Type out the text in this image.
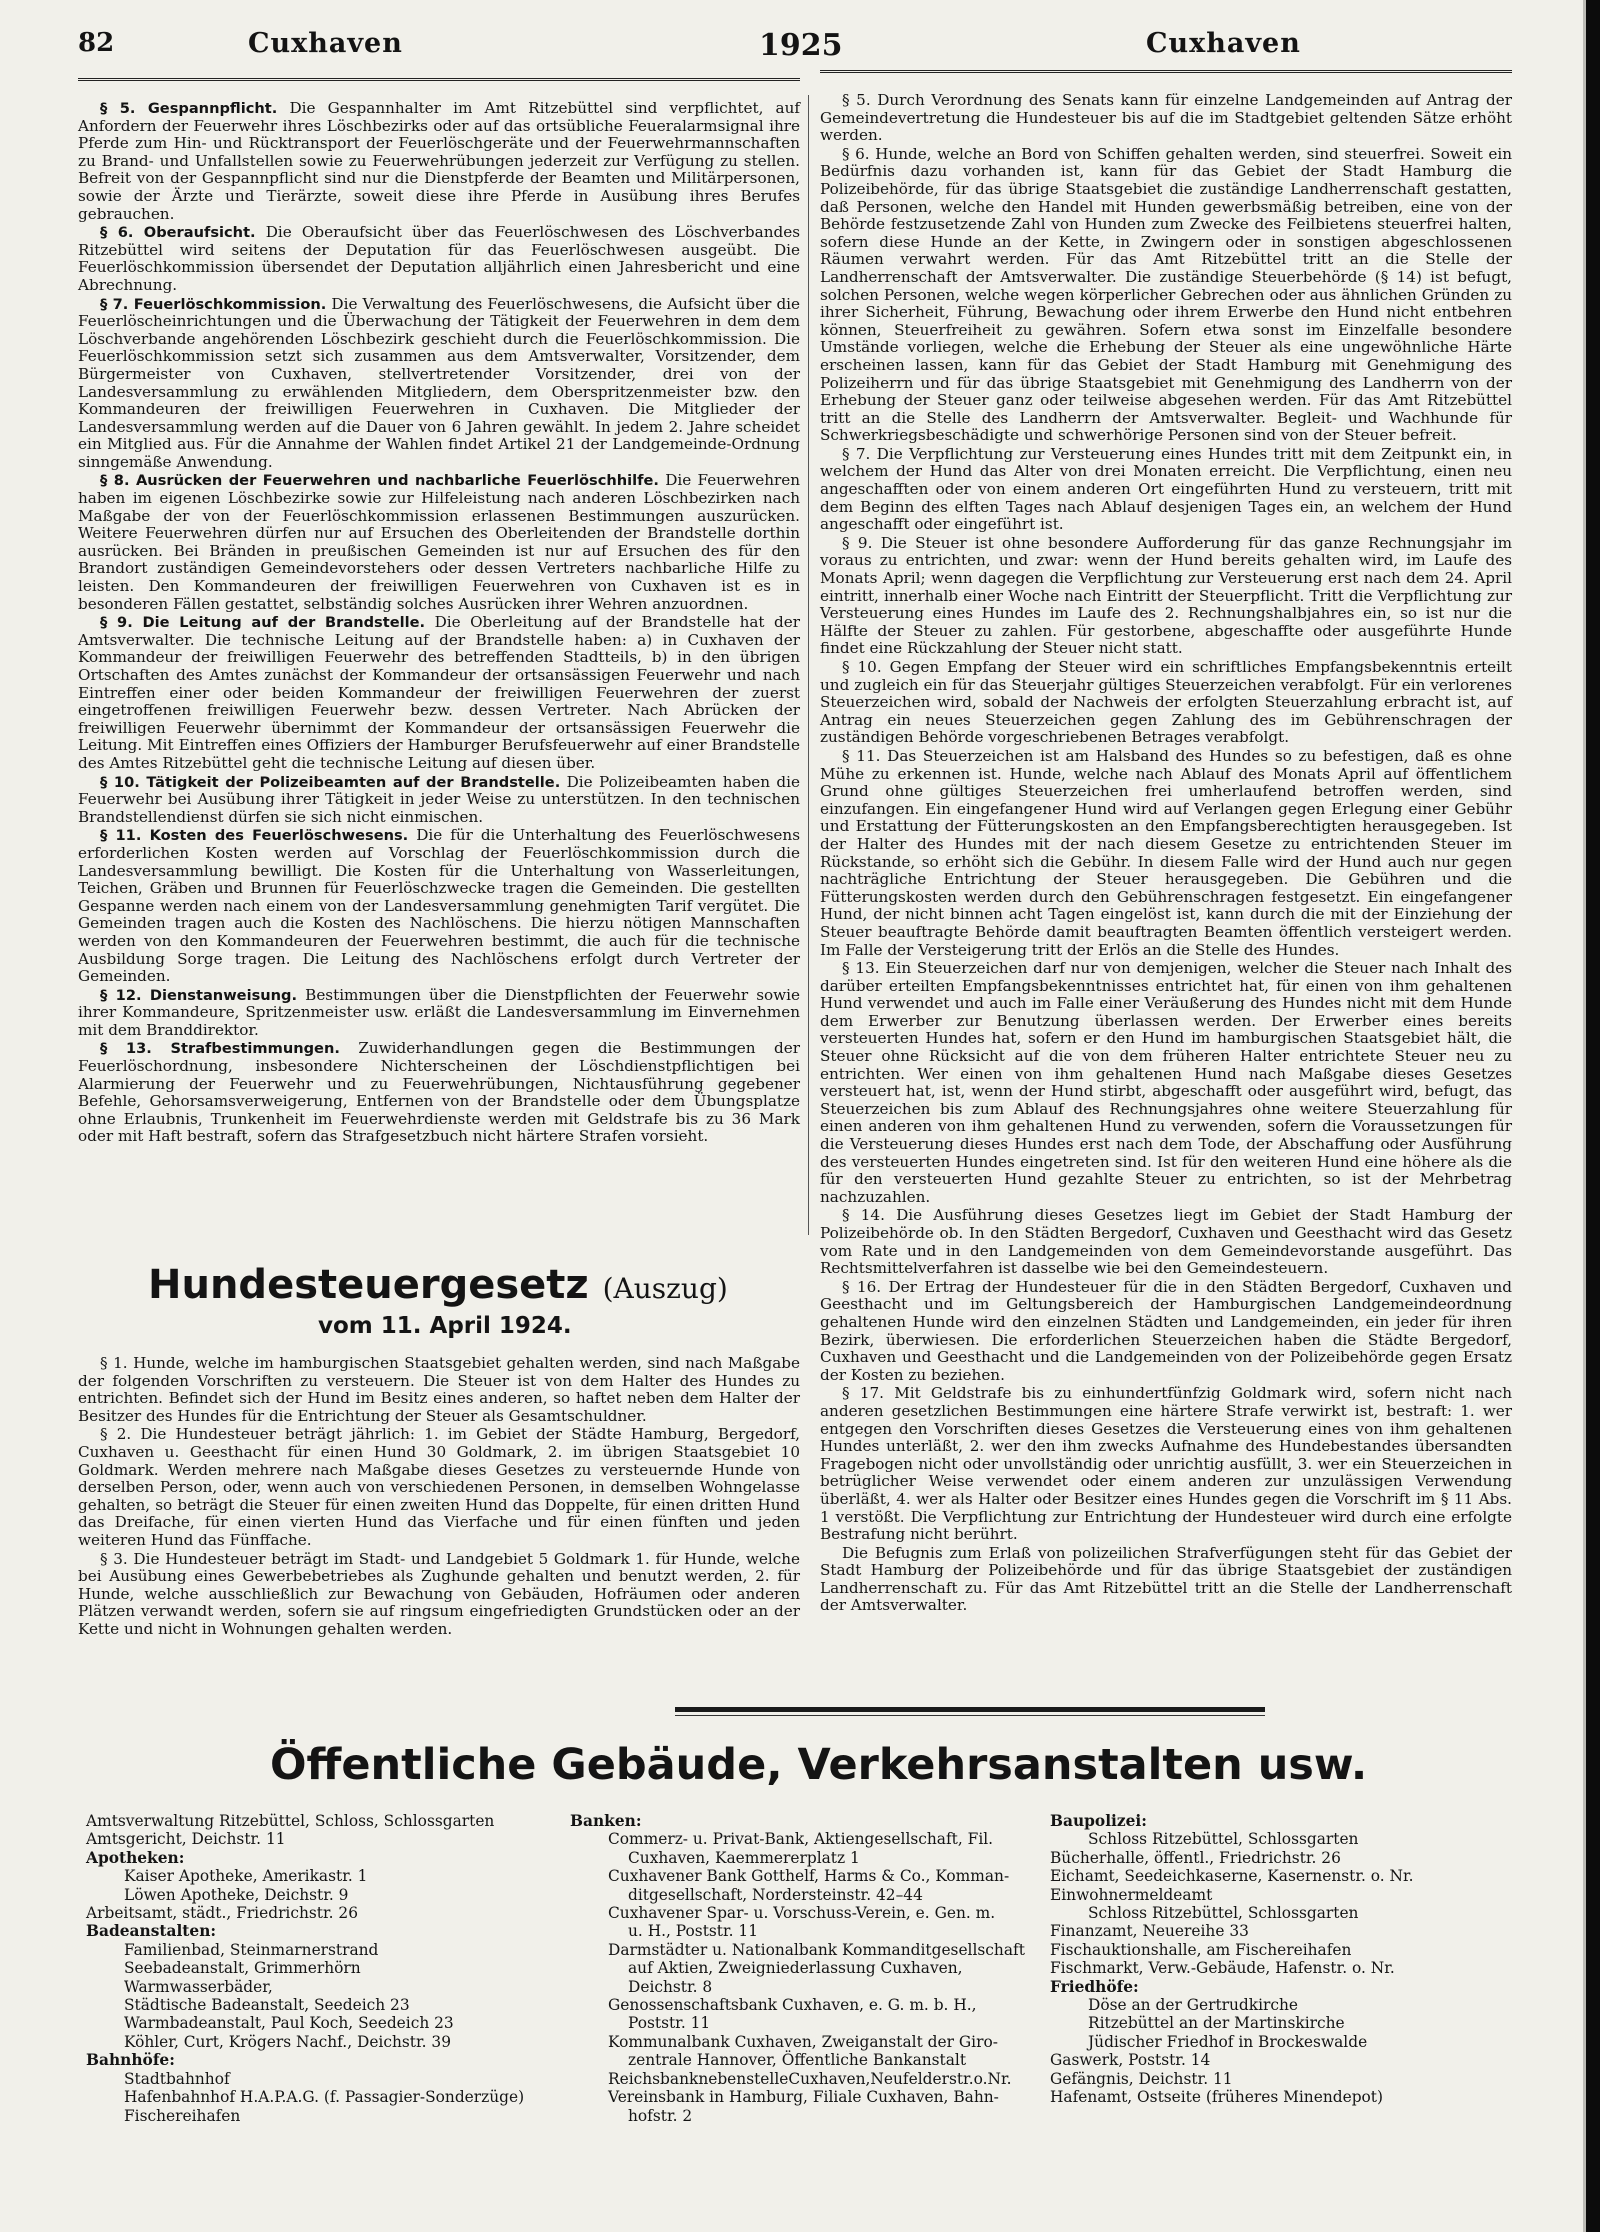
82	Cuxhaven	1925	Cuxhaven

§ 5. Gespannpflicht. Die Gespannhalter im Amt Ritzebüttel sind verpflichtet, auf Anfordern der Feuerwehr ihres Löschbezirks oder auf das ortsübliche Feueralarmsignal ihre Pferde zum Hin- und Rücktransport der Feuerlöschgeräte und der Feuerwehrmannschaften zu Brand- und Unfallstellen sowie zu Feuerwehrübungen jederzeit zur Verfügung zu stellen. Befreit von der Gespannpflicht sind nur die Dienstpferde der Beamten und Militärpersonen, sowie der Ärzte und Tierärzte, soweit diese ihre Pferde in Ausübung ihres Berufes gebrauchen.

§ 6. Oberaufsicht. Die Oberaufsicht über das Feuerlöschwesen des Löschverbandes Ritzebüttel wird seitens der Deputation für das Feuerlöschwesen ausgeübt. Die Feuerlöschkommission übersendet der Deputation alljährlich einen Jahresbericht und eine Abrechnung.

§ 7. Feuerlöschkommission. Die Verwaltung des Feuerlöschwesens, die Aufsicht über die Feuerlöscheinrichtungen und die Überwachung der Tätigkeit der Feuerwehren in dem dem Löschverbande angehörenden Löschbezirk geschieht durch die Feuerlöschkommission. Die Feuerlöschkommission setzt sich zusammen aus dem Amtsverwalter, Vorsitzender, dem Bürgermeister von Cuxhaven, stellvertretender Vorsitzender, drei von der Landesversammlung zu erwählenden Mitgliedern, dem Oberspritzenmeister bzw. den Kommandeuren der freiwilligen Feuerwehren in Cuxhaven. Die Mitglieder der Landesversammlung werden auf die Dauer von 6 Jahren gewählt. In jedem 2. Jahre scheidet ein Mitglied aus. Für die Annahme der Wahlen findet Artikel 21 der Landgemeinde-Ordnung sinngemäße Anwendung.

§ 8. Ausrücken der Feuerwehren und nachbarliche Feuerlöschhilfe. Die Feuerwehren haben im eigenen Löschbezirke sowie zur Hilfeleistung nach anderen Löschbezirken nach Maßgabe der von der Feuerlöschkommission erlassenen Bestimmungen auszurücken. Weitere Feuerwehren dürfen nur auf Ersuchen des Oberleitenden der Brandstelle dorthin ausrücken. Bei Bränden in preußischen Gemeinden ist nur auf Ersuchen des für den Brandort zuständigen Gemeindevorstehers oder dessen Vertreters nachbarliche Hilfe zu leisten. Den Kommandeuren der freiwilligen Feuerwehren von Cuxhaven ist es in besonderen Fällen gestattet, selbständig solches Ausrücken ihrer Wehren anzuordnen.

§ 9. Die Leitung auf der Brandstelle. Die Oberleitung auf der Brandstelle hat der Amtsverwalter. Die technische Leitung auf der Brandstelle haben: a) in Cuxhaven der Kommandeur der freiwilligen Feuerwehr des betreffenden Stadtteils, b) in den übrigen Ortschaften des Amtes zunächst der Kommandeur der ortsansässigen Feuerwehr und nach Eintreffen einer oder beiden Kommandeur der freiwilligen Feuerwehren der zuerst eingetroffenen freiwilligen Feuerwehr bezw. dessen Vertreter. Nach Abrücken der freiwilligen Feuerwehr übernimmt der Kommandeur der ortsansässigen Feuerwehr die Leitung. Mit Eintreffen eines Offiziers der Hamburger Berufsfeuerwehr auf einer Brandstelle des Amtes Ritzebüttel geht die technische Leitung auf diesen über.

§ 10. Tätigkeit der Polizeibeamten auf der Brandstelle. Die Polizeibeamten haben die Feuerwehr bei Ausübung ihrer Tätigkeit in jeder Weise zu unterstützen. In den technischen Brandstellendienst dürfen sie sich nicht einmischen.

§ 11. Kosten des Feuerlöschwesens. Die für die Unterhaltung des Feuerlöschwesens erforderlichen Kosten werden auf Vorschlag der Feuerlöschkommission durch die Landesversammlung bewilligt. Die Kosten für die Unterhaltung von Wasserleitungen, Teichen, Gräben und Brunnen für Feuerlöschzwecke tragen die Gemeinden. Die gestellten Gespanne werden nach einem von der Landesversammlung genehmigten Tarif vergütet. Die Gemeinden tragen auch die Kosten des Nachlöschens. Die hierzu nötigen Mannschaften werden von den Kommandeuren der Feuerwehren bestimmt, die auch für die technische Ausbildung Sorge tragen. Die Leitung des Nachlöschens erfolgt durch Vertreter der Gemeinden.

§ 12. Dienstanweisung. Bestimmungen über die Dienstpflichten der Feuerwehr sowie ihrer Kommandeure, Spritzenmeister usw. erläßt die Landesversammlung im Einvernehmen mit dem Branddirektor.

§ 13. Strafbestimmungen. Zuwiderhandlungen gegen die Bestimmungen der Feuerlöschordnung, insbesondere Nichterscheinen der Löschdienstpflichtigen bei Alarmierung der Feuerwehr und zu Feuerwehrübungen, Nichtausführung gegebener Befehle, Gehorsamsverweigerung, Entfernen von der Brandstelle oder dem Übungsplatze ohne Erlaubnis, Trunkenheit im Feuerwehrdienste werden mit Geldstrafe bis zu 36 Mark oder mit Haft bestraft, sofern das Strafgesetzbuch nicht härtere Strafen vorsieht.

Hundesteuergesetz (Auszug)
vom 11. April 1924.

§ 1. Hunde, welche im hamburgischen Staatsgebiet gehalten werden, sind nach Maßgabe der folgenden Vorschriften zu versteuern. Die Steuer ist von dem Halter des Hundes zu entrichten. Befindet sich der Hund im Besitz eines anderen, so haftet neben dem Halter der Besitzer des Hundes für die Entrichtung der Steuer als Gesamtschuldner.

§ 2. Die Hundesteuer beträgt jährlich: 1. im Gebiet der Städte Hamburg, Bergedorf, Cuxhaven u. Geesthacht für einen Hund 30 Goldmark, 2. im übrigen Staatsgebiet 10 Goldmark. Werden mehrere nach Maßgabe dieses Gesetzes zu versteuernde Hunde von derselben Person, oder, wenn auch von verschiedenen Personen, in demselben Wohngelasse gehalten, so beträgt die Steuer für einen zweiten Hund das Doppelte, für einen dritten Hund das Dreifache, für einen vierten Hund das Vierfache und für einen fünften und jeden weiteren Hund das Fünffache.

§ 3. Die Hundesteuer beträgt im Stadt- und Landgebiet 5 Goldmark 1. für Hunde, welche bei Ausübung eines Gewerbebetriebes als Zughunde gehalten und benutzt werden, 2. für Hunde, welche ausschließlich zur Bewachung von Gebäuden, Hofräumen oder anderen Plätzen verwandt werden, sofern sie auf ringsum eingefriedigten Grundstücken oder an der Kette und nicht in Wohnungen gehalten werden.

§ 5. Durch Verordnung des Senats kann für einzelne Landgemeinden auf Antrag der Gemeindevertretung die Hundesteuer bis auf die im Stadtgebiet geltenden Sätze erhöht werden.

§ 6. Hunde, welche an Bord von Schiffen gehalten werden, sind steuerfrei. Soweit ein Bedürfnis dazu vorhanden ist, kann für das Gebiet der Stadt Hamburg die Polizeibehörde, für das übrige Staatsgebiet die zuständige Landherrenschaft gestatten, daß Personen, welche den Handel mit Hunden gewerbsmäßig betreiben, eine von der Behörde festzusetzende Zahl von Hunden zum Zwecke des Feilbietens steuerfrei halten, sofern diese Hunde an der Kette, in Zwingern oder in sonstigen abgeschlossenen Räumen verwahrt werden. Für das Amt Ritzebüttel tritt an die Stelle der Landherrenschaft der Amtsverwalter. Die zuständige Steuerbehörde (§ 14) ist befugt, solchen Personen, welche wegen körperlicher Gebrechen oder aus ähnlichen Gründen zu ihrer Sicherheit, Führung, Bewachung oder ihrem Erwerbe den Hund nicht entbehren können, Steuerfreiheit zu gewähren. Sofern etwa sonst im Einzelfalle besondere Umstände vorliegen, welche die Erhebung der Steuer als eine ungewöhnliche Härte erscheinen lassen, kann für das Gebiet der Stadt Hamburg mit Genehmigung des Polizeiherrn und für das übrige Staatsgebiet mit Genehmigung des Landherrn von der Erhebung der Steuer ganz oder teilweise abgesehen werden. Für das Amt Ritzebüttel tritt an die Stelle des Landherrn der Amtsverwalter. Begleit- und Wachhunde für Schwerkriegsbeschädigte und schwerhörige Personen sind von der Steuer befreit.

§ 7. Die Verpflichtung zur Versteuerung eines Hundes tritt mit dem Zeitpunkt ein, in welchem der Hund das Alter von drei Monaten erreicht. Die Verpflichtung, einen neu angeschafften oder von einem anderen Ort eingeführten Hund zu versteuern, tritt mit dem Beginn des elften Tages nach Ablauf desjenigen Tages ein, an welchem der Hund angeschafft oder eingeführt ist.

§ 9. Die Steuer ist ohne besondere Aufforderung für das ganze Rechnungsjahr im voraus zu entrichten, und zwar: wenn der Hund bereits gehalten wird, im Laufe des Monats April; wenn dagegen die Verpflichtung zur Versteuerung erst nach dem 24. April eintritt, innerhalb einer Woche nach Eintritt der Steuerpflicht. Tritt die Verpflichtung zur Versteuerung eines Hundes im Laufe des 2. Rechnungshalbjahres ein, so ist nur die Hälfte der Steuer zu zahlen. Für gestorbene, abgeschaffte oder ausgeführte Hunde findet eine Rückzahlung der Steuer nicht statt.

§ 10. Gegen Empfang der Steuer wird ein schriftliches Empfangsbekenntnis erteilt und zugleich ein für das Steuerjahr gültiges Steuerzeichen verabfolgt. Für ein verlorenes Steuerzeichen wird, sobald der Nachweis der erfolgten Steuerzahlung erbracht ist, auf Antrag ein neues Steuerzeichen gegen Zahlung des im Gebührenschragen der zuständigen Behörde vorgeschriebenen Betrages verabfolgt.

§ 11. Das Steuerzeichen ist am Halsband des Hundes so zu befestigen, daß es ohne Mühe zu erkennen ist. Hunde, welche nach Ablauf des Monats April auf öffentlichem Grund ohne gültiges Steuerzeichen frei umherlaufend betroffen werden, sind einzufangen. Ein eingefangener Hund wird auf Verlangen gegen Erlegung einer Gebühr und Erstattung der Fütterungskosten an den Empfangsberechtigten herausgegeben. Ist der Halter des Hundes mit der nach diesem Gesetze zu entrichtenden Steuer im Rückstande, so erhöht sich die Gebühr. In diesem Falle wird der Hund auch nur gegen nachträgliche Entrichtung der Steuer herausgegeben. Die Gebühren und die Fütterungskosten werden durch den Gebührenschragen festgesetzt. Ein eingefangener Hund, der nicht binnen acht Tagen eingelöst ist, kann durch die mit der Einziehung der Steuer beauftragte Behörde damit beauftragten Beamten öffentlich versteigert werden. Im Falle der Versteigerung tritt der Erlös an die Stelle des Hundes.

§ 13. Ein Steuerzeichen darf nur von demjenigen, welcher die Steuer nach Inhalt des darüber erteilten Empfangsbekenntnisses entrichtet hat, für einen von ihm gehaltenen Hund verwendet und auch im Falle einer Veräußerung des Hundes nicht mit dem Hunde dem Erwerber zur Benutzung überlassen werden. Der Erwerber eines bereits versteuerten Hundes hat, sofern er den Hund im hamburgischen Staatsgebiet hält, die Steuer ohne Rücksicht auf die von dem früheren Halter entrichtete Steuer neu zu entrichten. Wer einen von ihm gehaltenen Hund nach Maßgabe dieses Gesetzes versteuert hat, ist, wenn der Hund stirbt, abgeschafft oder ausgeführt wird, befugt, das Steuerzeichen bis zum Ablauf des Rechnungsjahres ohne weitere Steuerzahlung für einen anderen von ihm gehaltenen Hund zu verwenden, sofern die Voraussetzungen für die Versteuerung dieses Hundes erst nach dem Tode, der Abschaffung oder Ausführung des versteuerten Hundes eingetreten sind. Ist für den weiteren Hund eine höhere als die für den versteuerten Hund gezahlte Steuer zu entrichten, so ist der Mehrbetrag nachzuzahlen.

§ 14. Die Ausführung dieses Gesetzes liegt im Gebiet der Stadt Hamburg der Polizeibehörde ob. In den Städten Bergedorf, Cuxhaven und Geesthacht wird das Gesetz vom Rate und in den Landgemeinden von dem Gemeindevorstande ausgeführt. Das Rechtsmittelverfahren ist dasselbe wie bei den Gemeindesteuern.

§ 16. Der Ertrag der Hundesteuer für die in den Städten Bergedorf, Cuxhaven und Geesthacht und im Geltungsbereich der Hamburgischen Landgemeindeordnung gehaltenen Hunde wird den einzelnen Städten und Landgemeinden, ein jeder für ihren Bezirk, überwiesen. Die erforderlichen Steuerzeichen haben die Städte Bergedorf, Cuxhaven und Geesthacht und die Landgemeinden von der Polizeibehörde gegen Ersatz der Kosten zu beziehen.

§ 17. Mit Geldstrafe bis zu einhundertfünfzig Goldmark wird, sofern nicht nach anderen gesetzlichen Bestimmungen eine härtere Strafe verwirkt ist, bestraft: 1. wer entgegen den Vorschriften dieses Gesetzes die Versteuerung eines von ihm gehaltenen Hundes unterläßt, 2. wer den ihm zwecks Aufnahme des Hundebestandes übersandten Fragebogen nicht oder unvollständig oder unrichtig ausfüllt, 3. wer ein Steuerzeichen in betrüglicher Weise verwendet oder einem anderen zur unzulässigen Verwendung überläßt, 4. wer als Halter oder Besitzer eines Hundes gegen die Vorschrift im § 11 Abs. 1 verstößt. Die Verpflichtung zur Entrichtung der Hundesteuer wird durch eine erfolgte Bestrafung nicht berührt.

Die Befugnis zum Erlaß von polizeilichen Strafverfügungen steht für das Gebiet der Stadt Hamburg der Polizeibehörde und für das übrige Staatsgebiet der zuständigen Landherrenschaft zu. Für das Amt Ritzebüttel tritt an die Stelle der Landherrenschaft der Amtsverwalter.

Öffentliche Gebäude, Verkehrsanstalten usw.
Amtsverwaltung Ritzebüttel, Schloss, Schlossgarten
Amtsgericht, Deichstr. 11
Apotheken:
Kaiser Apotheke, Amerikastr. 1
Löwen Apotheke, Deichstr. 9
Arbeitsamt, städt., Friedrichstr. 26
Badeanstalten:
Familienbad, Steinmarnerstrand
Seebadeanstalt, Grimmerhörn
Warmwasserbäder,
Städtische Badeanstalt, Seedeich 23
Warmbadeanstalt, Paul Koch, Seedeich 23
Köhler, Curt, Krögers Nachf., Deichstr. 39
Bahnhöfe:
Stadtbahnhof
Hafenbahnhof H.A.P.A.G. (f. Passagier-Sonderzüge)
Fischereihafen
Banken:
Commerz- u. Privat-Bank, Aktiengesellschaft, Fil.
Cuxhaven, Kaemmererplatz 1
Cuxhavener Bank Gotthelf, Harms & Co., Komman-
ditgesellschaft, Nordersteinstr. 42–44
Cuxhavener Spar- u. Vorschuss-Verein, e. Gen. m.
u. H., Poststr. 11
Darmstädter u. Nationalbank Kommanditgesellschaft
auf Aktien, Zweigniederlassung Cuxhaven,
Deichstr. 8
Genossenschaftsbank Cuxhaven, e. G. m. b. H.,
Poststr. 11
Kommunalbank Cuxhaven, Zweiganstalt der Giro-
zentrale Hannover, Öffentliche Bankanstalt
ReichsbanknebenstelleCuxhaven,Neufelderstr.o.Nr.
Vereinsbank in Hamburg, Filiale Cuxhaven, Bahn-
hofstr. 2
Baupolizei:
Schloss Ritzebüttel, Schlossgarten
Bücherhalle, öffentl., Friedrichstr. 26
Eichamt, Seedeichkaserne, Kasernenstr. o. Nr.
Einwohnermeldeamt
Schloss Ritzebüttel, Schlossgarten
Finanzamt, Neuereihe 33
Fischauktionshalle, am Fischereihafen
Fischmarkt, Verw.-Gebäude, Hafenstr. o. Nr.
Friedhöfe:
Döse an der Gertrudkirche
Ritzebüttel an der Martinskirche
Jüdischer Friedhof in Brockeswalde
Gaswerk, Poststr. 14
Gefängnis, Deichstr. 11
Hafenamt, Ostseite (früheres Minendepot)
